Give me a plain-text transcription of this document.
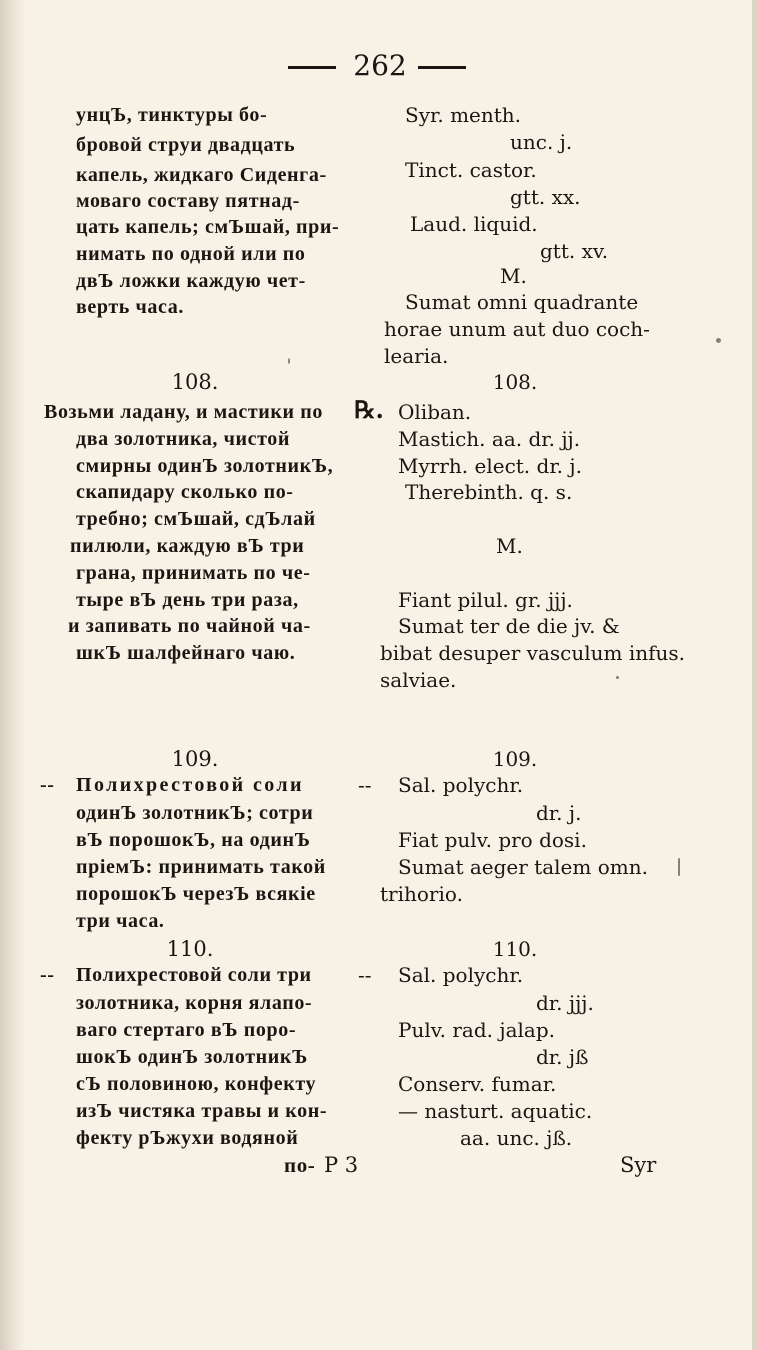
262
унцЪ, тинктуры бо-
бровой струи двадцать
капель, жидкаго Сиденга-
моваго составу пятнад-
цать капель; смЪшай, при-
нимать по одной или по
двЪ ложки каждую чет-
верть часа.
108.
Возьми ладану, и мастики по
два золотника, чистой
смирны одинЪ золотникЪ,
скапидару сколько по-
требно; смЪшай, сдЪлай
пилюли, каждую вЪ три
грана, принимать по че-
тыре вЪ день три раза,
и запивать по чайной ча-
шкЪ шалфейнаго чаю.
109.
-- Полихрестовой соли
одинЪ золотникЪ; сотри
вЪ порошокЪ, на одинЪ
пріемЪ: принимать такой
порошокЪ черезЪ всякіе
три часа.
110.
-- Полихрестовой соли три
золотника, корня ялапо-
ваго стертаго вЪ поро-
шокЪ одинЪ золотникЪ
сЪ половиною, конфекту
изЪ чистяка травы и кон-
фекту рЪжухи водяной
по- P 3
Syr. menth.
unc. j.
Tinct. castor.
gtt. xx.
Laud. liquid.
gtt. xv.
M.
Sumat omni quadrante
horae unum aut duo coch-
learia.
108.
℞. Oliban.
Mastich. aa. dr. jj.
Myrrh. elect. dr. j.
Therebinth. q. s.
M.
Fiant pilul. gr. jjj.
Sumat ter de die jv. &
bibat desuper vasculum infus.
salviae.
109.
-- Sal. polychr.
dr. j.
Fiat pulv. pro dosi.
Sumat aeger talem omn.
trihorio.
110.
-- Sal. polychr.
dr. jjj.
Pulv. rad. jalap.
dr. jß
Conserv. fumar.
— nasturt. aquatic.
aa. unc. jß.
Syr
